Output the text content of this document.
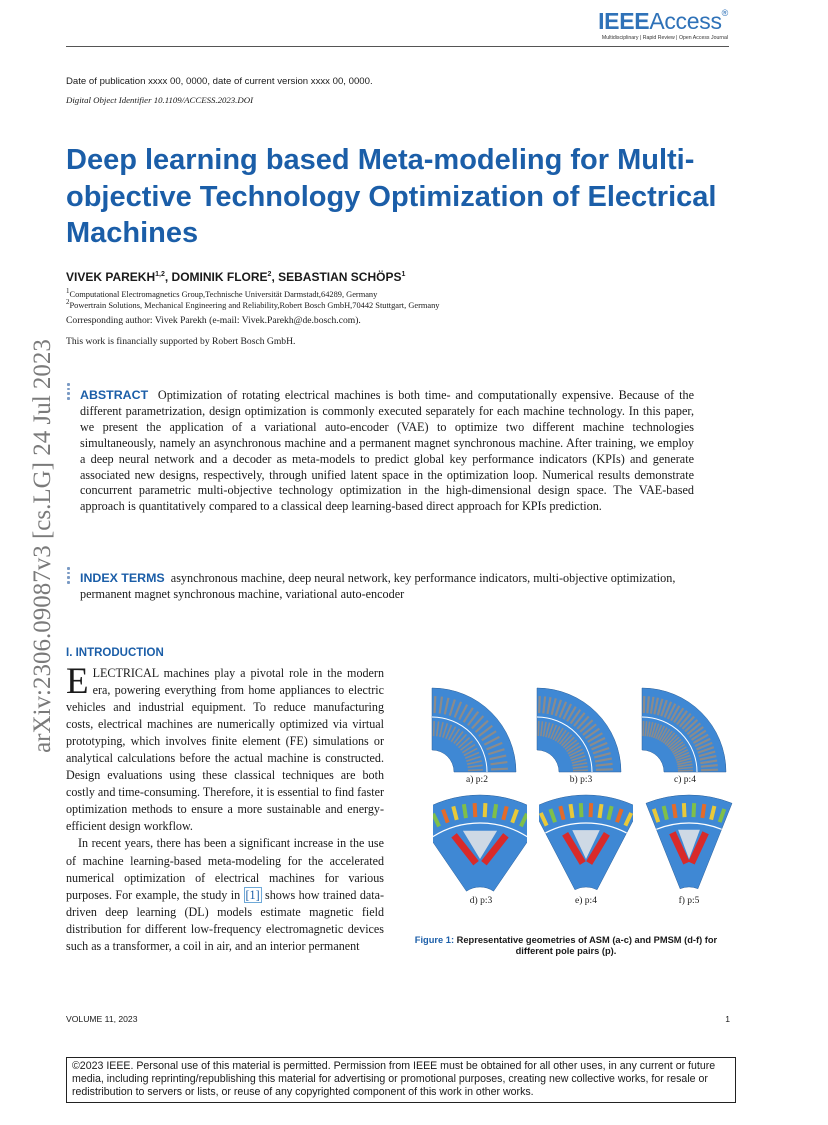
IEEEAccess®
Multidisciplinary | Rapid Review | Open Access Journal
Date of publication xxxx 00, 0000, date of current version xxxx 00, 0000.
Digital Object Identifier 10.1109/ACCESS.2023.DOI
Deep learning based Meta-modeling for Multi-objective Technology Optimization of Electrical Machines
VIVEK PAREKH$^{1,2}$, DOMINIK FLORE$^2$, SEBASTIAN SCHÖPS$^1$
$^1$Computational Electromagnetics Group,Technische Universität Darmstadt,64289, Germany
$^2$Powertrain Solutions, Mechanical Engineering and Reliability,Robert Bosch GmbH,70442 Stuttgart, Germany
Corresponding author: Vivek Parekh (e-mail: Vivek.Parekh@de.bosch.com).
This work is financially supported by Robert Bosch GmbH.
arXiv:2306.09087v3 [cs.LG] 24 Jul 2023 ABSTRACT Optimization of rotating electrical machines is both time- and computationally expensive. Because of the different parametrization, design optimization is commonly executed separately for each machine technology. In this paper, we present the application of a variational auto-encoder (VAE) to optimize two different machine technologies simultaneously, namely an asynchronous machine and a permanent magnet synchronous machine. After training, we employ a deep neural network and a decoder as meta-models to predict global key performance indicators (KPIs) and generate associated new designs, respectively, through unified latent space in the optimization loop. Numerical results demonstrate concurrent parametric multi-objective technology optimization in the high-dimensional design space. The VAE-based approach is quantitatively compared to a classical deep learning-based direct approach for KPIs prediction.
INDEX TERMS asynchronous machine, deep neural network, key performance indicators, multi-objective optimization, permanent magnet synchronous machine, variational auto-encoder
I. INTRODUCTION

ELECTRICAL machines play a pivotal role in the modern era, powering everything from home appliances to electric vehicles and industrial equipment. To reduce manufacturing costs, electrical machines are numerically optimized via virtual prototyping, which involves finite element (FE) simulations or analytical calculations before the actual machine is constructed. Design evaluations using these classical techniques are both costly and time-consuming. Therefore, it is essential to find faster optimization methods to ensure a more sustainable and energy-efficient design workflow.

In recent years, there has been a significant increase in the use of machine learning-based meta-modeling for the accelerated numerical optimization of electrical machines for various purposes. For example, the study in [1] shows how trained data-driven deep learning (DL) models estimate magnetic field distribution for different low-frequency electromagnetic devices such as a transformer, a coil in air, and an interior permanent

a) p:2	b) p:3	c) p:4
d) p:3	e) p:4	f) p:5
Figure 1: Representative geometries of ASM (a-c) and PMSM (d-f) for different pole pairs (p).
VOLUME 11, 2023	1
©2023 IEEE. Personal use of this material is permitted. Permission from IEEE must be obtained for all other uses, in any current or future media, including reprinting/republishing this material for advertising or promotional purposes, creating new collective works, for resale or redistribution to servers or lists, or reuse of any copyrighted component of this work in other works.
